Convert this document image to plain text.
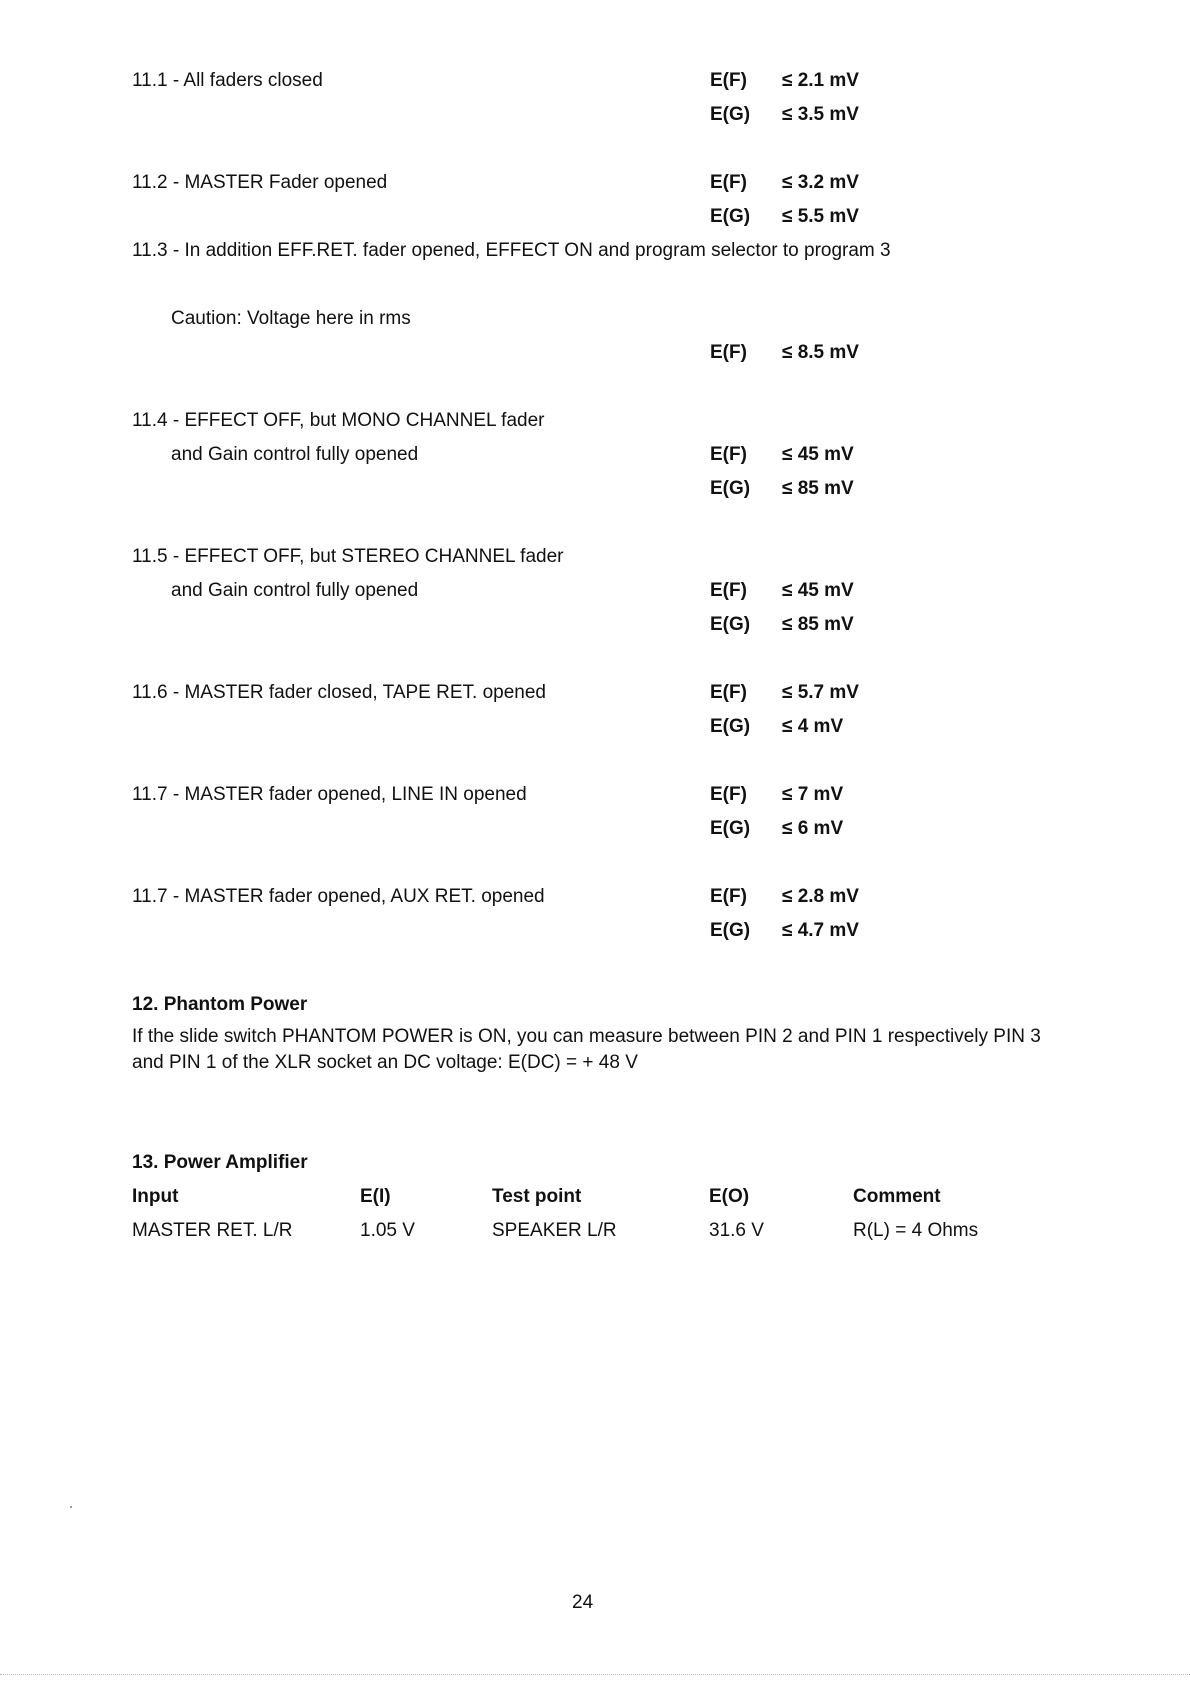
11.1 - All faders closed	E(F) ≤ 2.1 mV
E(G) ≤ 3.5 mV
11.2 - MASTER Fader opened	E(F) ≤ 3.2 mV
E(G) ≤ 5.5 mV
11.3 - In addition EFF.RET. fader opened, EFFECT ON and program selector to program 3
Caution: Voltage here in rms
E(F) ≤ 8.5 mV
11.4 - EFFECT OFF, but MONO CHANNEL fader
and Gain control fully opened	E(F) ≤ 45 mV
E(G) ≤ 85 mV
11.5 - EFFECT OFF, but STEREO CHANNEL fader
and Gain control fully opened	E(F) ≤ 45 mV
E(G) ≤ 85 mV
11.6 - MASTER fader closed, TAPE RET. opened	E(F) ≤ 5.7 mV
E(G) ≤ 4 mV
11.7 - MASTER fader opened, LINE IN opened	E(F) ≤ 7 mV
E(G) ≤ 6 mV
11.7 - MASTER fader opened, AUX RET. opened	E(F) ≤ 2.8 mV
E(G) ≤ 4.7 mV
12. Phantom Power
If the slide switch PHANTOM POWER is ON, you can measure between PIN 2 and PIN 1 respectively PIN 3 and PIN 1 of the XLR socket an DC voltage: E(DC) = + 48 V
13. Power Amplifier
Input	E(I)	Test point	E(O)	Comment
MASTER RET. L/R	1.05 V	SPEAKER L/R	31.6 V	R(L) = 4 Ohms
24
